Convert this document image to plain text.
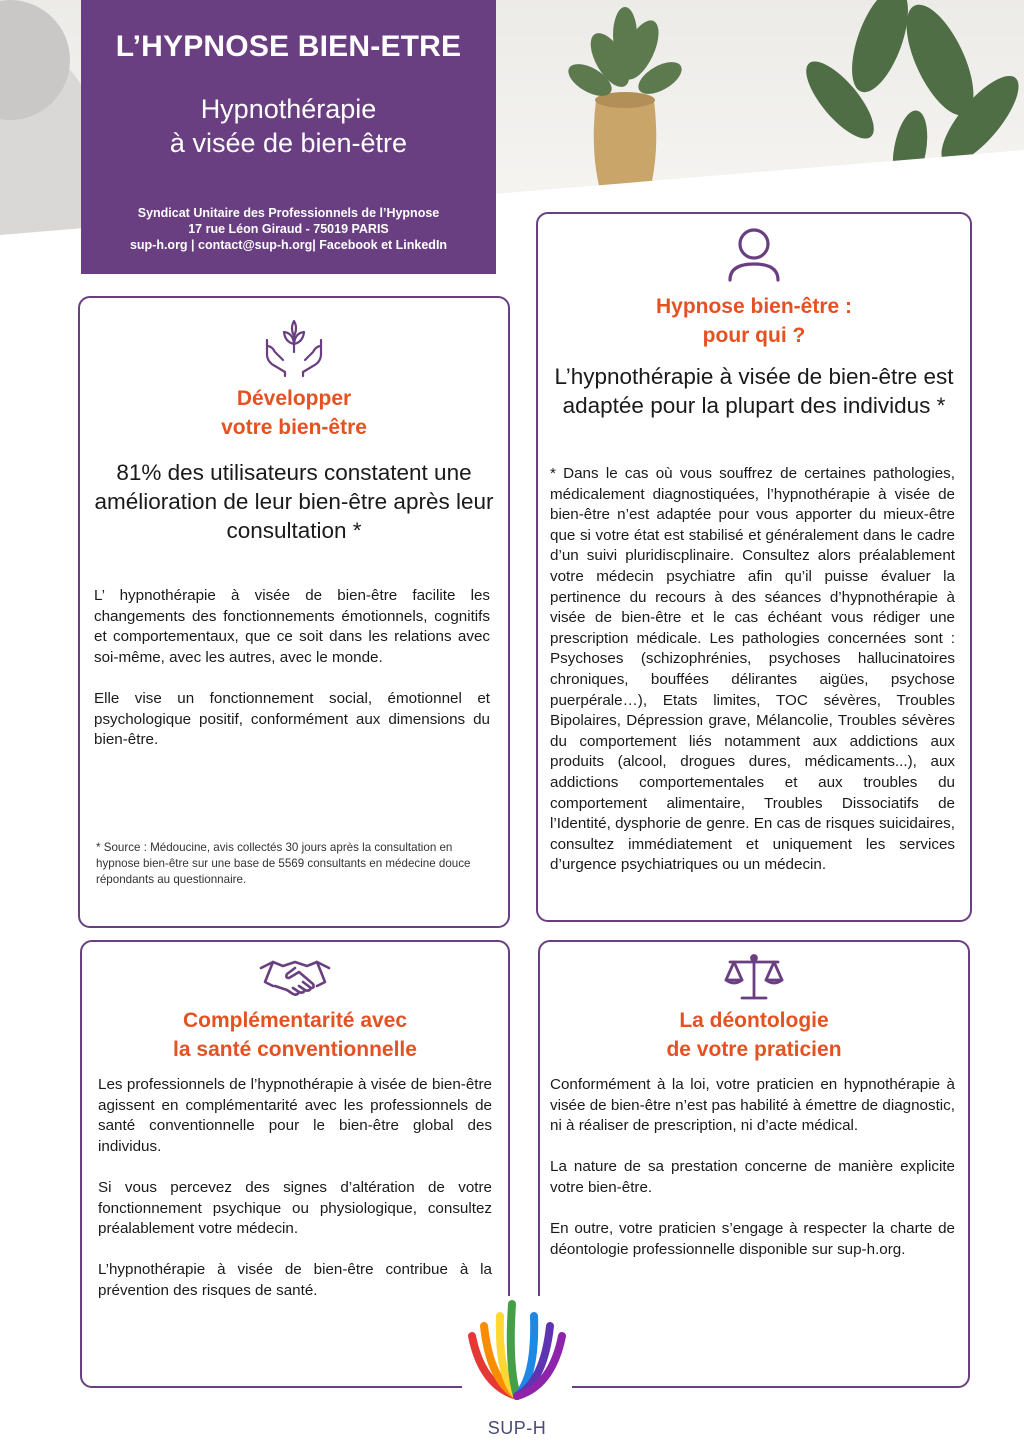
L’HYPNOSE BIEN-ETRE
Hypnothérapie
à visée de bien-être
Syndicat Unitaire des Professionnels de l’Hypnose
17 rue Léon Giraud - 75019 PARIS
sup-h.org | contact@sup-h.org| Facebook et LinkedIn
Développer
votre bien-être
81% des utilisateurs constatent une amélioration de leur bien-être après leur consultation *

L’ hypnothérapie à visée de bien-être facilite les changements des fonctionnements émotionnels, cognitifs et comportementaux, que ce soit dans les relations avec soi-même, avec les autres, avec le monde.

Elle vise un fonctionnement social, émotionnel et psychologique positif, conformément aux dimensions du bien-être.

* Source : Médoucine, avis collectés 30 jours après la consultation en hypnose bien-être sur une base de 5569 consultants en médecine douce répondants au questionnaire.
Hypnose bien-être :
pour qui ?
L’hypnothérapie à visée de bien-être est adaptée pour la plupart des individus *
* Dans le cas où vous souffrez de certaines pathologies, médicalement diagnostiquées, l’hypnothérapie à visée de bien-être n’est adaptée pour vous apporter du mieux-être que si votre état est stabilisé et généralement dans le cadre d’un suivi pluridiscplinaire. Consultez alors préalablement votre médecin psychiatre afin qu’il puisse évaluer la pertinence du recours à des séances d’hypnothérapie à visée de bien-être et le cas échéant vous rédiger une prescription médicale. Les pathologies concernées sont : Psychoses (schizophrénies, psychoses hallucinatoires chroniques, bouffées délirantes aigües, psychose puerpérale…), Etats limites, TOC sévères, Troubles Bipolaires, Dépression grave, Mélancolie, Troubles sévères du comportement liés notamment aux addictions aux produits (alcool, drogues dures, médicaments...), aux addictions comportementales et aux troubles du comportement alimentaire, Troubles Dissociatifs de l’Identité, dysphorie de genre. En cas de risques suicidaires, consultez immédiatement et uniquement les services d’urgence psychiatriques ou un médecin.
Complémentarité avec
la santé conventionnelle

Les professionnels de l’hypnothérapie à visée de bien-être agissent en complémentarité avec les professionnels de santé conventionnelle pour le bien-être global des individus.

Si vous percevez des signes d’altération de votre fonctionnement psychique ou physiologique, consultez préalablement votre médecin.

L’hypnothérapie à visée de bien-être contribue à la prévention des risques de santé.

La déontologie
de votre praticien

Conformément à la loi, votre praticien en hypnothérapie à visée de bien-être n’est pas habilité à émettre de diagnostic, ni à réaliser de prescription, ni d’acte médical.

La nature de sa prestation concerne de manière explicite votre bien-être.

En outre, votre praticien s’engage à respecter la charte de déontologie professionnelle disponible sur sup-h.org.

SUP-H
